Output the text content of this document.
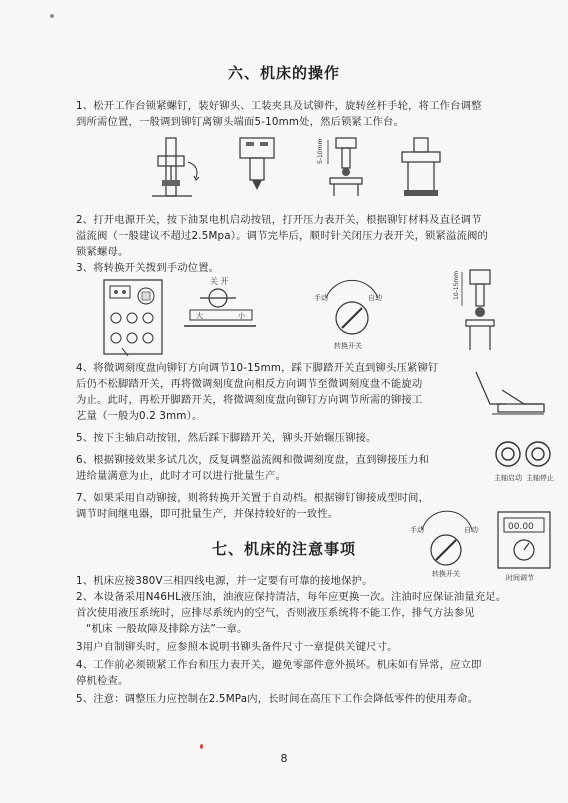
六、机床的操作
1、松开工作台锁紧螺钉，装好铆头、工装夹具及试铆件，旋转丝杆手轮，将工作台调整
到所需位置，一般调到铆钉离铆头端面5-10mm处，然后锁紧工作台。
5-10mm
2、打开电源开关，按下油泵电机启动按钮，打开压力表开关，根据铆钉材料及直径调节
溢流阀（一般建议不超过2.5Mpa）。调节完毕后，顺时针关闭压力表开关，锁紧溢流阀的
锁紧螺母。
3、将转换开关拨到手动位置。
关 开
大	小
手动	自动
转换开关
10-15mm
4、将微调刻度盘向铆钉方向调节10-15mm，踩下脚踏开关直到铆头压紧铆钉
后仍不松脚踏开关，再将微调刻度盘向相反方向调节至微调刻度盘不能旋动
为止。此时，再松开脚踏开关，将微调刻度盘向铆钉方向调节所需的铆接工
艺量（一般为0.2 3mm）。
5、按下主轴启动按钮，然后踩下脚踏开关，铆头开始辗压铆接。
6、根据铆接效果多试几次，反复调整溢流阀和微调刻度盘，直到铆接压力和
进给量满意为止，此时才可以进行批量生产。	主轴启动 主轴停止
7、如果采用自动铆接，则将转换开关置于自动档。根据铆钉铆接成型时间，
调节时间继电器，即可批量生产，并保持较好的一致性。
七、机床的注意事项
手动	自动
转换开关
00.00
时间调节
1、机床应接380V三相四线电源，并一定要有可靠的接地保护。
2、本设备采用N46HL液压油，油液应保持清洁，每年应更换一次。注油时应保证油量充足。
首次使用液压系统时，应排尽系统内的空气，否则液压系统将不能工作，排气方法参见
“机床 一般故障及排除方法”一章。
3用户自制铆头时，应参照本说明书铆头备件尺寸一章提供关键尺寸。
4、工作前必须锁紧工作台和压力表开关，避免零部件意外损坏。机床如有异常，应立即
停机检查。
5、注意：调整压力应控制在2.5MPa内，长时间在高压下工作会降低零件的使用寿命。
8
